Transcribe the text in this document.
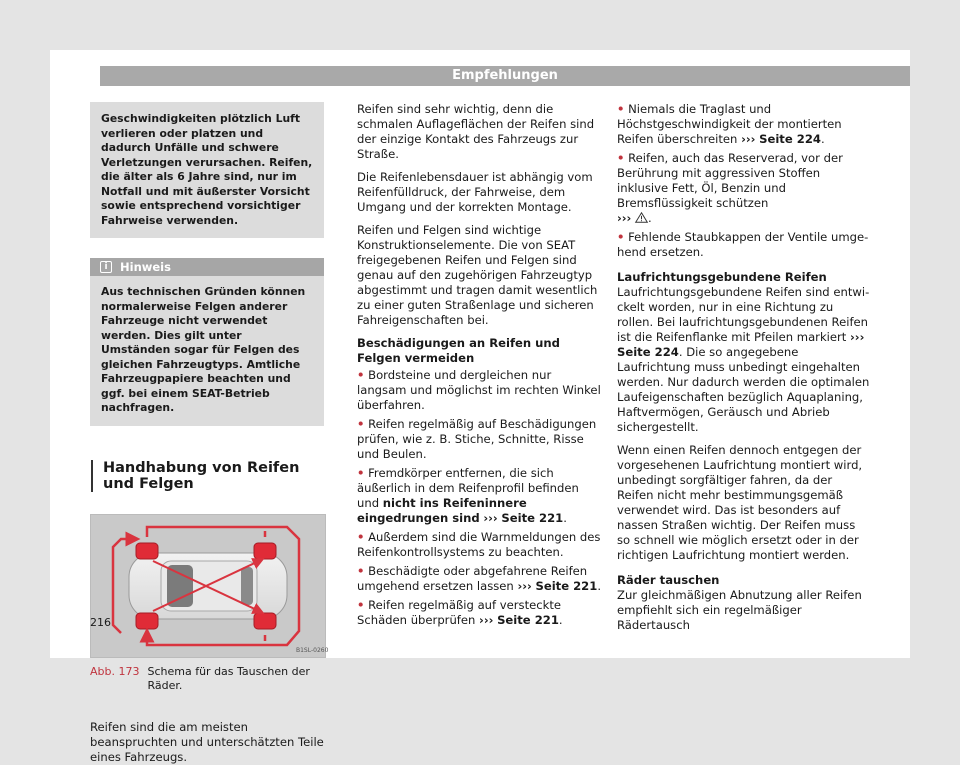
Empfehlungen
Geschwindigkeiten plötzlich Luft verlieren oder platzen und dadurch Unfälle und schwere Verletzungen verursachen. Reifen, die älter als 6 Jahre sind, nur im Notfall und mit äußerster Vorsicht sowie entsprechend vorsichtiger Fahrweise verwenden.
i Hinweis
Aus technischen Gründen können normalerweise Felgen anderer Fahrzeuge nicht verwendet werden. Dies gilt unter Umständen sogar für Felgen des gleichen Fahrzeugtyps. Amtliche Fahrzeugpapiere beachten und ggf. bei einem SEAT-Betrieb nachfragen.
Handhabung von Reifen und Felgen
B1SL-0260
Abb. 173 Schema für das Tauschen der Räder.
Reifen sind die am meisten beanspruchten und unterschätzten Teile eines Fahrzeugs.

Reifen sind sehr wichtig, denn die schmalen Auflageflächen der Reifen sind der einzige Kontakt des Fahrzeugs zur Straße.

Die Reifenlebensdauer ist abhängig vom Reifenfülldruck, der Fahrweise, dem Umgang und der korrekten Montage.

Reifen und Felgen sind wichtige Konstruktionselemente. Die von SEAT freigegebenen Reifen und Felgen sind genau auf den zugehörigen Fahrzeugtyp abgestimmt und tragen damit wesentlich zu einer guten Straßenlage und sicheren Fahreigenschaften bei.

Beschädigungen an Reifen und Felgen vermeiden

• Bordsteine und dergleichen nur langsam und möglichst im rechten Winkel überfahren.
• Reifen regelmäßig auf Beschädigungen prüfen, wie z. B. Stiche, Schnitte, Risse und Beulen.
• Fremdkörper entfernen, die sich äußerlich in dem Reifenprofil befinden und nicht ins Reifeninnere eingedrungen sind ››› Seite 221.
• Außerdem sind die Warnmeldungen des Reifenkontrollsystems zu beachten.
• Beschädigte oder abgefahrene Reifen umgehend ersetzen lassen ››› Seite 221.
• Reifen regelmäßig auf versteckte Schäden überprüfen ››› Seite 221.
• Niemals die Traglast und Höchstgeschwindigkeit der montierten Reifen überschreiten ››› Seite 224.
• Reifen, auch das Reserverad, vor der Berührung mit aggressiven Stoffen inklusive Fett, Öl, Benzin und Bremsflüssigkeit schützen
››› .
• Fehlende Staubkappen der Ventile umgehend ersetzen.
Laufrichtungsgebundene Reifen

Laufrichtungsgebundene Reifen sind entwickelt worden, nur in eine Richtung zu rollen. Bei laufrichtungsgebundenen Reifen ist die Reifenflanke mit Pfeilen markiert ››› Seite 224. Die so angegebene Laufrichtung muss unbedingt eingehalten werden. Nur dadurch werden die optimalen Laufeigenschaften bezüglich Aquaplaning, Haftvermögen, Geräusch und Abrieb sichergestellt.

Wenn einen Reifen dennoch entgegen der vorgesehenen Laufrichtung montiert wird, unbedingt sorgfältiger fahren, da der Reifen nicht mehr bestimmungsgemäß verwendet wird. Das ist besonders auf nassen Straßen wichtig. Der Reifen muss so schnell wie möglich ersetzt oder in der richtigen Laufrichtung montiert werden.

Räder tauschen

Zur gleichmäßigen Abnutzung aller Reifen empfiehlt sich ein regelmäßiger Rädertausch

216
